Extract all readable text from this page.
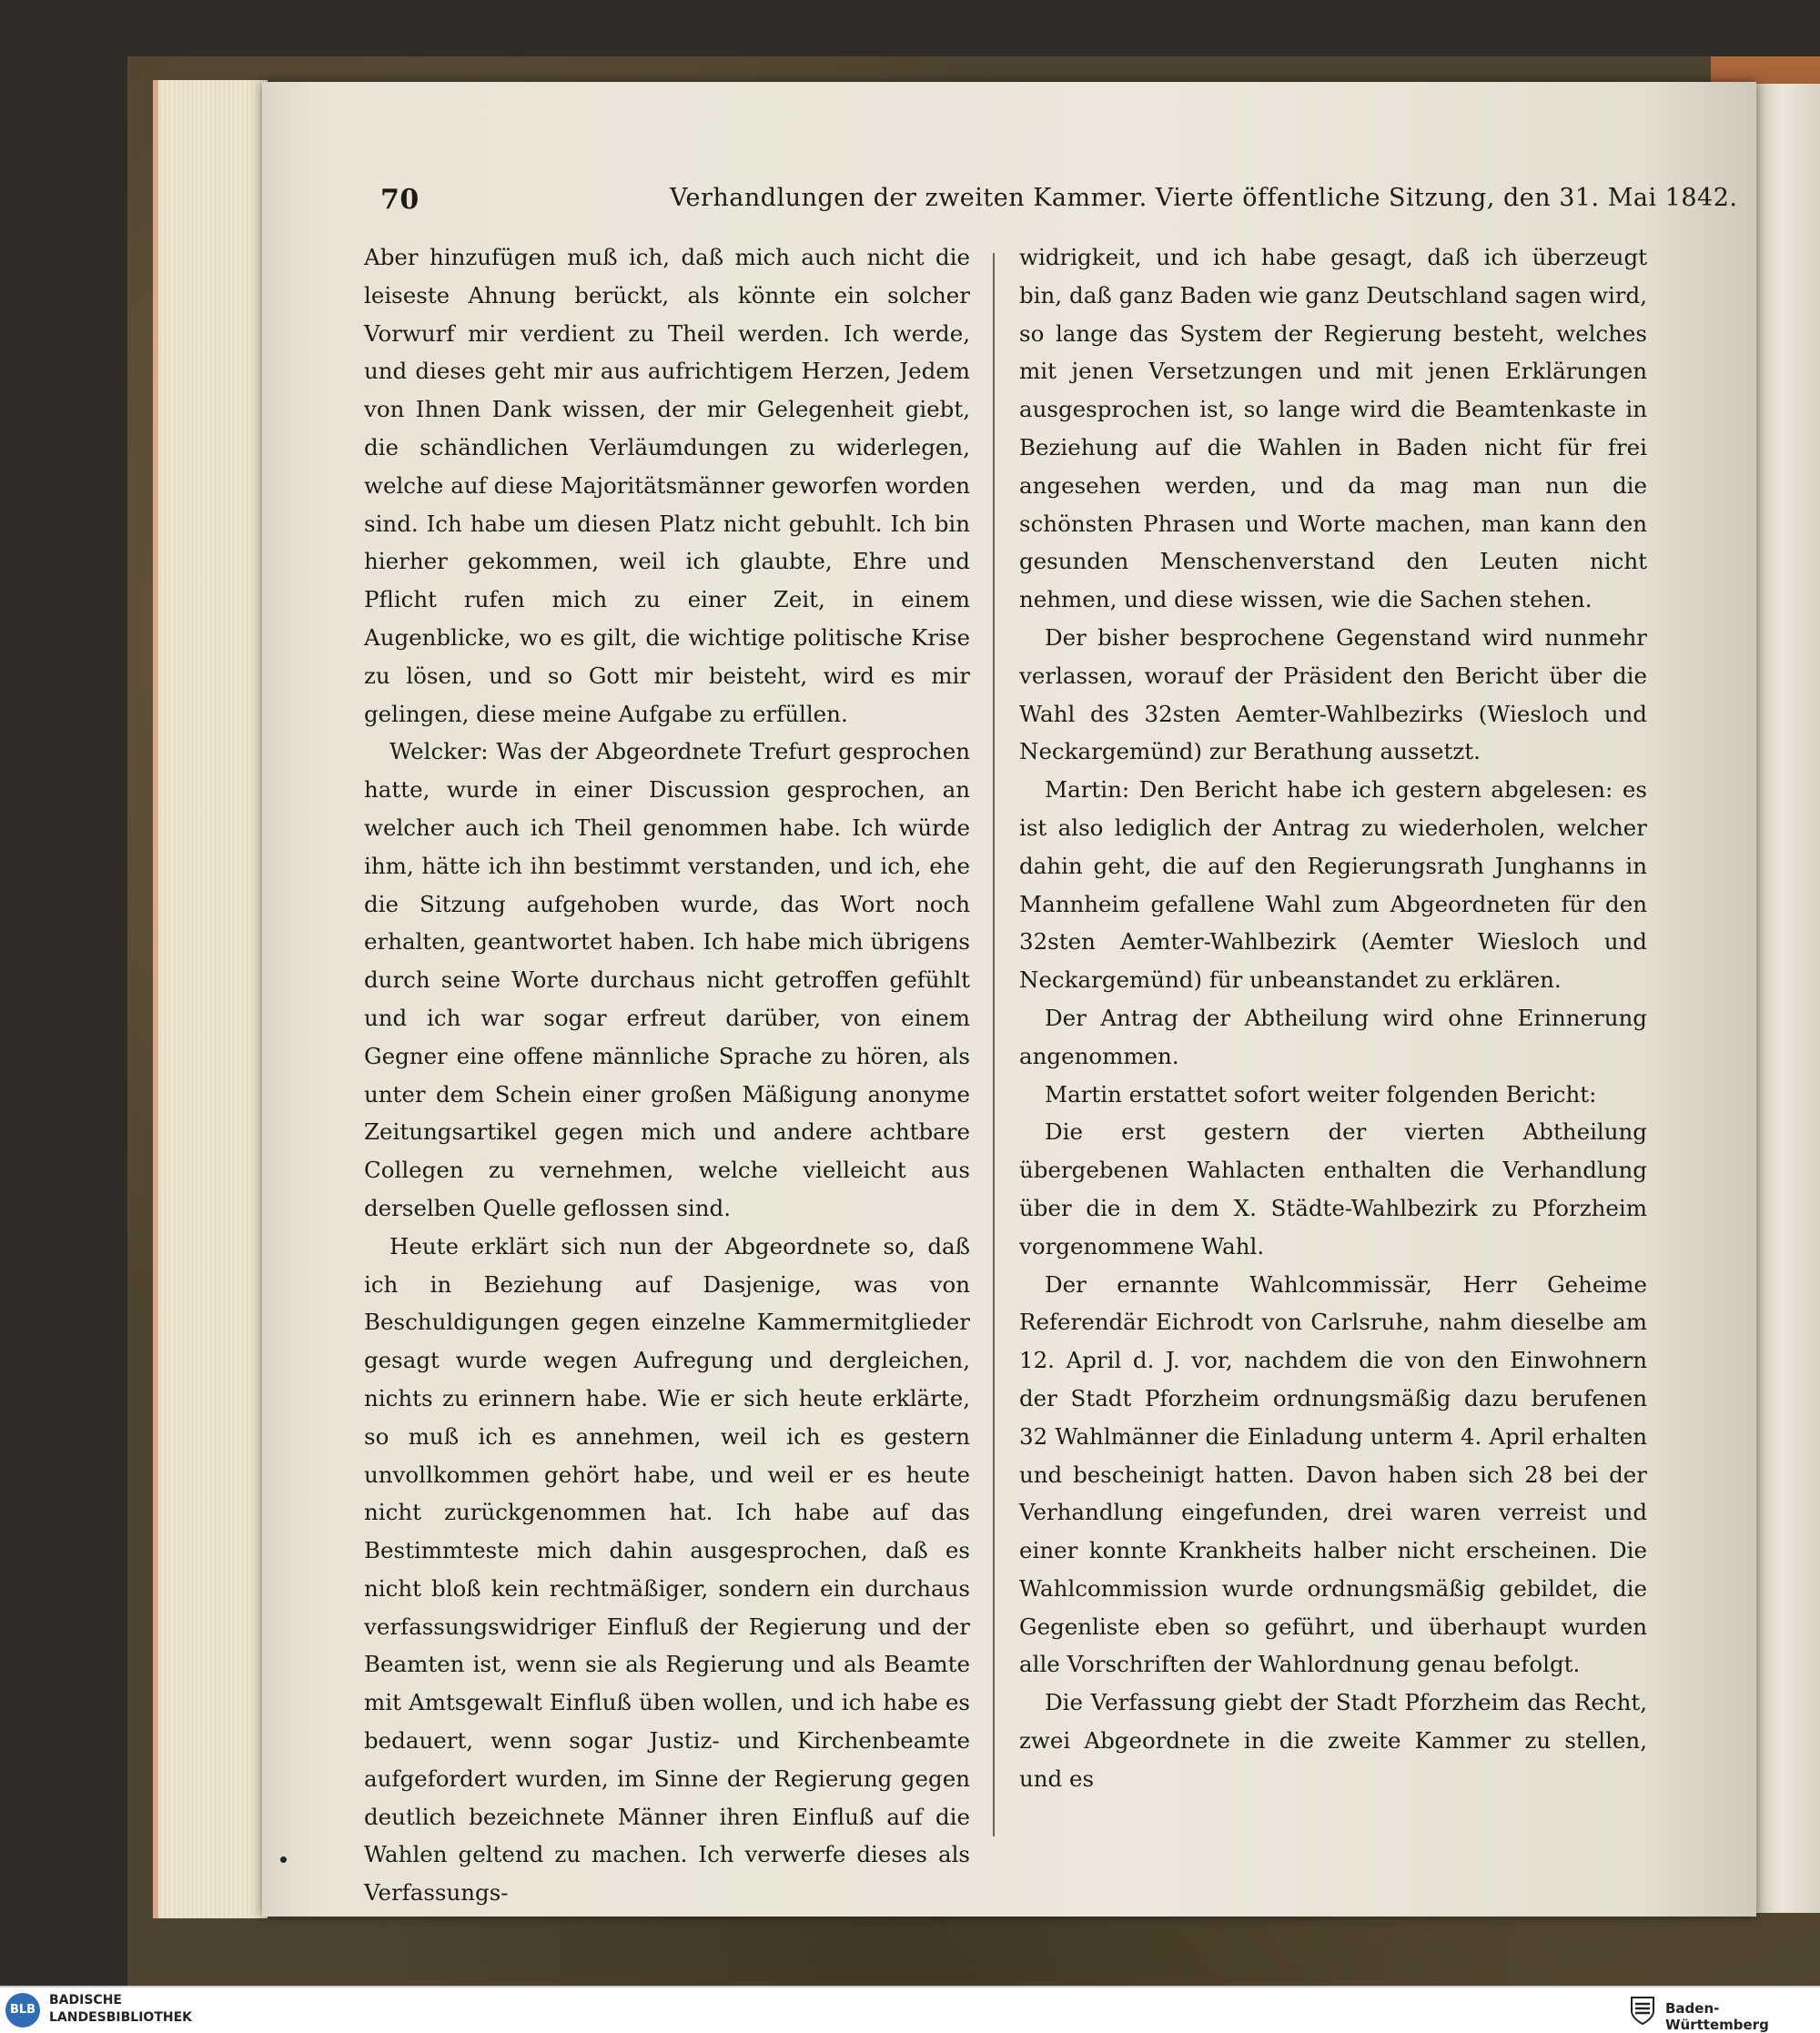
70	Verhandlungen der zweiten Kammer. Vierte öffentliche Sitzung, den 31. Mai 1842.

Aber hinzufügen muß ich, daß mich auch nicht die leiseste Ahnung berückt, als könnte ein solcher Vorwurf mir verdient zu Theil werden. Ich werde, und dieses geht mir aus aufrichtigem Herzen, Jedem von Ihnen Dank wissen, der mir Gelegenheit giebt, die schändlichen Verläumdungen zu widerlegen, welche auf diese Majoritätsmänner geworfen worden sind. Ich habe um diesen Platz nicht gebuhlt. Ich bin hierher gekommen, weil ich glaubte, Ehre und Pflicht rufen mich zu einer Zeit, in einem Augenblicke, wo es gilt, die wichtige politische Krise zu lösen, und so Gott mir beisteht, wird es mir gelingen, diese meine Aufgabe zu erfüllen.

Welcker: Was der Abgeordnete Trefurt gesprochen hatte, wurde in einer Discussion gesprochen, an welcher auch ich Theil genommen habe. Ich würde ihm, hätte ich ihn bestimmt verstanden, und ich, ehe die Sitzung aufgehoben wurde, das Wort noch erhalten, geantwortet haben. Ich habe mich übrigens durch seine Worte durchaus nicht getroffen gefühlt und ich war sogar erfreut darüber, von einem Gegner eine offene männliche Sprache zu hören, als unter dem Schein einer großen Mäßigung anonyme Zeitungsartikel gegen mich und andere achtbare Collegen zu vernehmen, welche vielleicht aus derselben Quelle geflossen sind.

Heute erklärt sich nun der Abgeordnete so, daß ich in Beziehung auf Dasjenige, was von Beschuldigungen gegen einzelne Kammermitglieder gesagt wurde wegen Aufregung und dergleichen, nichts zu erinnern habe. Wie er sich heute erklärte, so muß ich es annehmen, weil ich es gestern unvollkommen gehört habe, und weil er es heute nicht zurückgenommen hat. Ich habe auf das Bestimmteste mich dahin ausgesprochen, daß es nicht bloß kein rechtmäßiger, sondern ein durchaus verfassungswidriger Einfluß der Regierung und der Beamten ist, wenn sie als Regierung und als Beamte mit Amtsgewalt Einfluß üben wollen, und ich habe es bedauert, wenn sogar Justiz- und Kirchenbeamte aufgefordert wurden, im Sinne der Regierung gegen deutlich bezeichnete Männer ihren Einfluß auf die Wahlen geltend zu machen. Ich verwerfe dieses als Verfassungs-

widrigkeit, und ich habe gesagt, daß ich überzeugt bin, daß ganz Baden wie ganz Deutschland sagen wird, so lange das System der Regierung besteht, welches mit jenen Versetzungen und mit jenen Erklärungen ausgesprochen ist, so lange wird die Beamtenkaste in Beziehung auf die Wahlen in Baden nicht für frei angesehen werden, und da mag man nun die schönsten Phrasen und Worte machen, man kann den gesunden Menschenverstand den Leuten nicht nehmen, und diese wissen, wie die Sachen stehen.

Der bisher besprochene Gegenstand wird nunmehr verlassen, worauf der Präsident den Bericht über die Wahl des 32sten Aemter-Wahlbezirks (Wiesloch und Neckargemünd) zur Berathung aussetzt.

Martin: Den Bericht habe ich gestern abgelesen: es ist also lediglich der Antrag zu wiederholen, welcher dahin geht, die auf den Regierungsrath Junghanns in Mannheim gefallene Wahl zum Abgeordneten für den 32sten Aemter-Wahlbezirk (Aemter Wiesloch und Neckargemünd) für unbeanstandet zu erklären.

Der Antrag der Abtheilung wird ohne Erinnerung angenommen.

Martin erstattet sofort weiter folgenden Bericht:

Die erst gestern der vierten Abtheilung übergebenen Wahlacten enthalten die Verhandlung über die in dem X. Städte-Wahlbezirk zu Pforzheim vorgenommene Wahl.

Der ernannte Wahlcommissär, Herr Geheime Referendär Eichrodt von Carlsruhe, nahm dieselbe am 12. April d. J. vor, nachdem die von den Einwohnern der Stadt Pforzheim ordnungsmäßig dazu berufenen 32 Wahlmänner die Einladung unterm 4. April erhalten und bescheinigt hatten. Davon haben sich 28 bei der Verhandlung eingefunden, drei waren verreist und einer konnte Krankheits halber nicht erscheinen. Die Wahlcommission wurde ordnungsmäßig gebildet, die Gegenliste eben so geführt, und überhaupt wurden alle Vorschriften der Wahlordnung genau befolgt.

Die Verfassung giebt der Stadt Pforzheim das Recht, zwei Abgeordnete in die zweite Kammer zu stellen, und es

BLB
BADISCHE
LANDESBIBLIOTHEK
Baden-Württemberg
